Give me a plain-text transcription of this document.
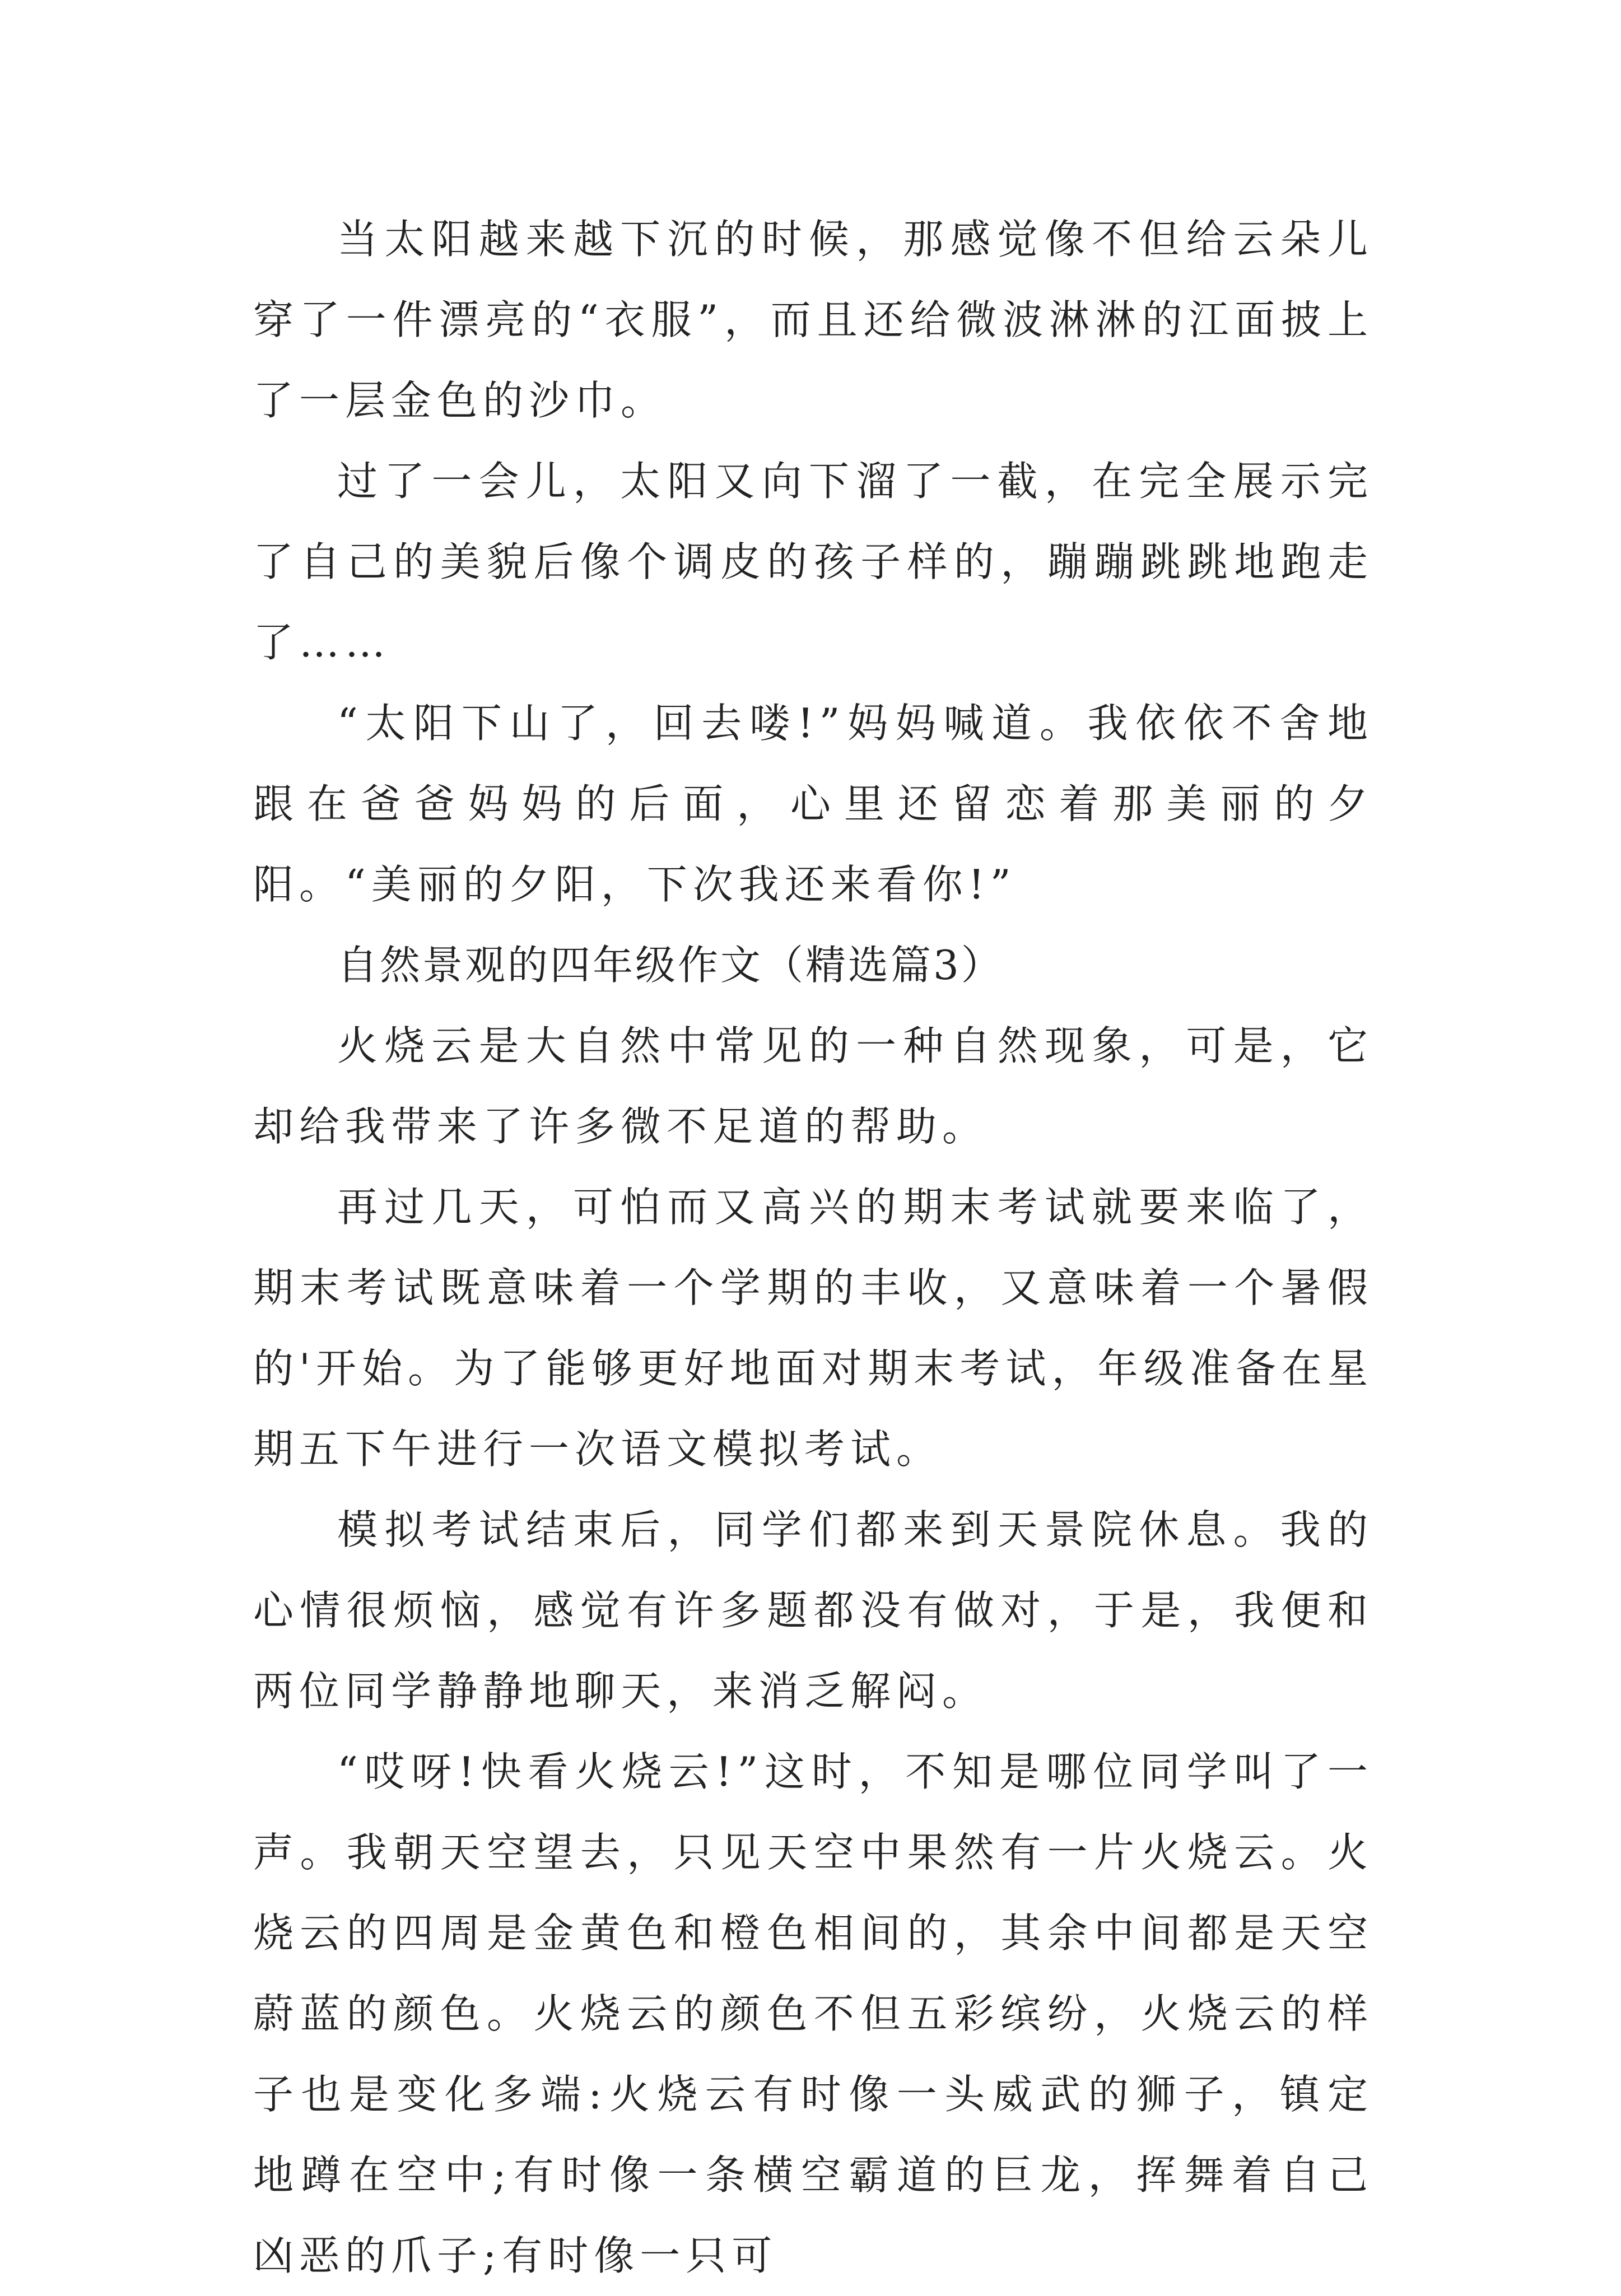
当太阳越来越下沉的时候，那感觉像不但给云朵儿穿了一件漂亮的“衣服”，而且还给微波淋淋的江面披上了一层金色的沙巾。

过了一会儿，太阳又向下溜了一截，在完全展示完了自己的美貌后像个调皮的孩子样的，蹦蹦跳跳地跑走了……

“太阳下山了，回去喽!”妈妈喊道。我依依不舍地跟在爸爸妈妈的后面，心里还留恋着那美丽的夕阳。“美丽的夕阳，下次我还来看你!”

自然景观的四年级作文（精选篇3）

火烧云是大自然中常见的一种自然现象，可是，它却给我带来了许多微不足道的帮助。

再过几天，可怕而又高兴的期末考试就要来临了，期末考试既意味着一个学期的丰收，又意味着一个暑假的'开始。为了能够更好地面对期末考试，年级准备在星期五下午进行一次语文模拟考试。

模拟考试结束后，同学们都来到天景院休息。我的心情很烦恼，感觉有许多题都没有做对，于是，我便和两位同学静静地聊天，来消乏解闷。

“哎呀!快看火烧云!”这时，不知是哪位同学叫了一声。我朝天空望去，只见天空中果然有一片火烧云。火烧云的四周是金黄色和橙色相间的，其余中间都是天空蔚蓝的颜色。火烧云的颜色不但五彩缤纷，火烧云的样子也是变化多端:火烧云有时像一头威武的狮子，镇定地蹲在空中;有时像一条横空霸道的巨龙，挥舞着自己凶恶的爪子;有时像一只可
